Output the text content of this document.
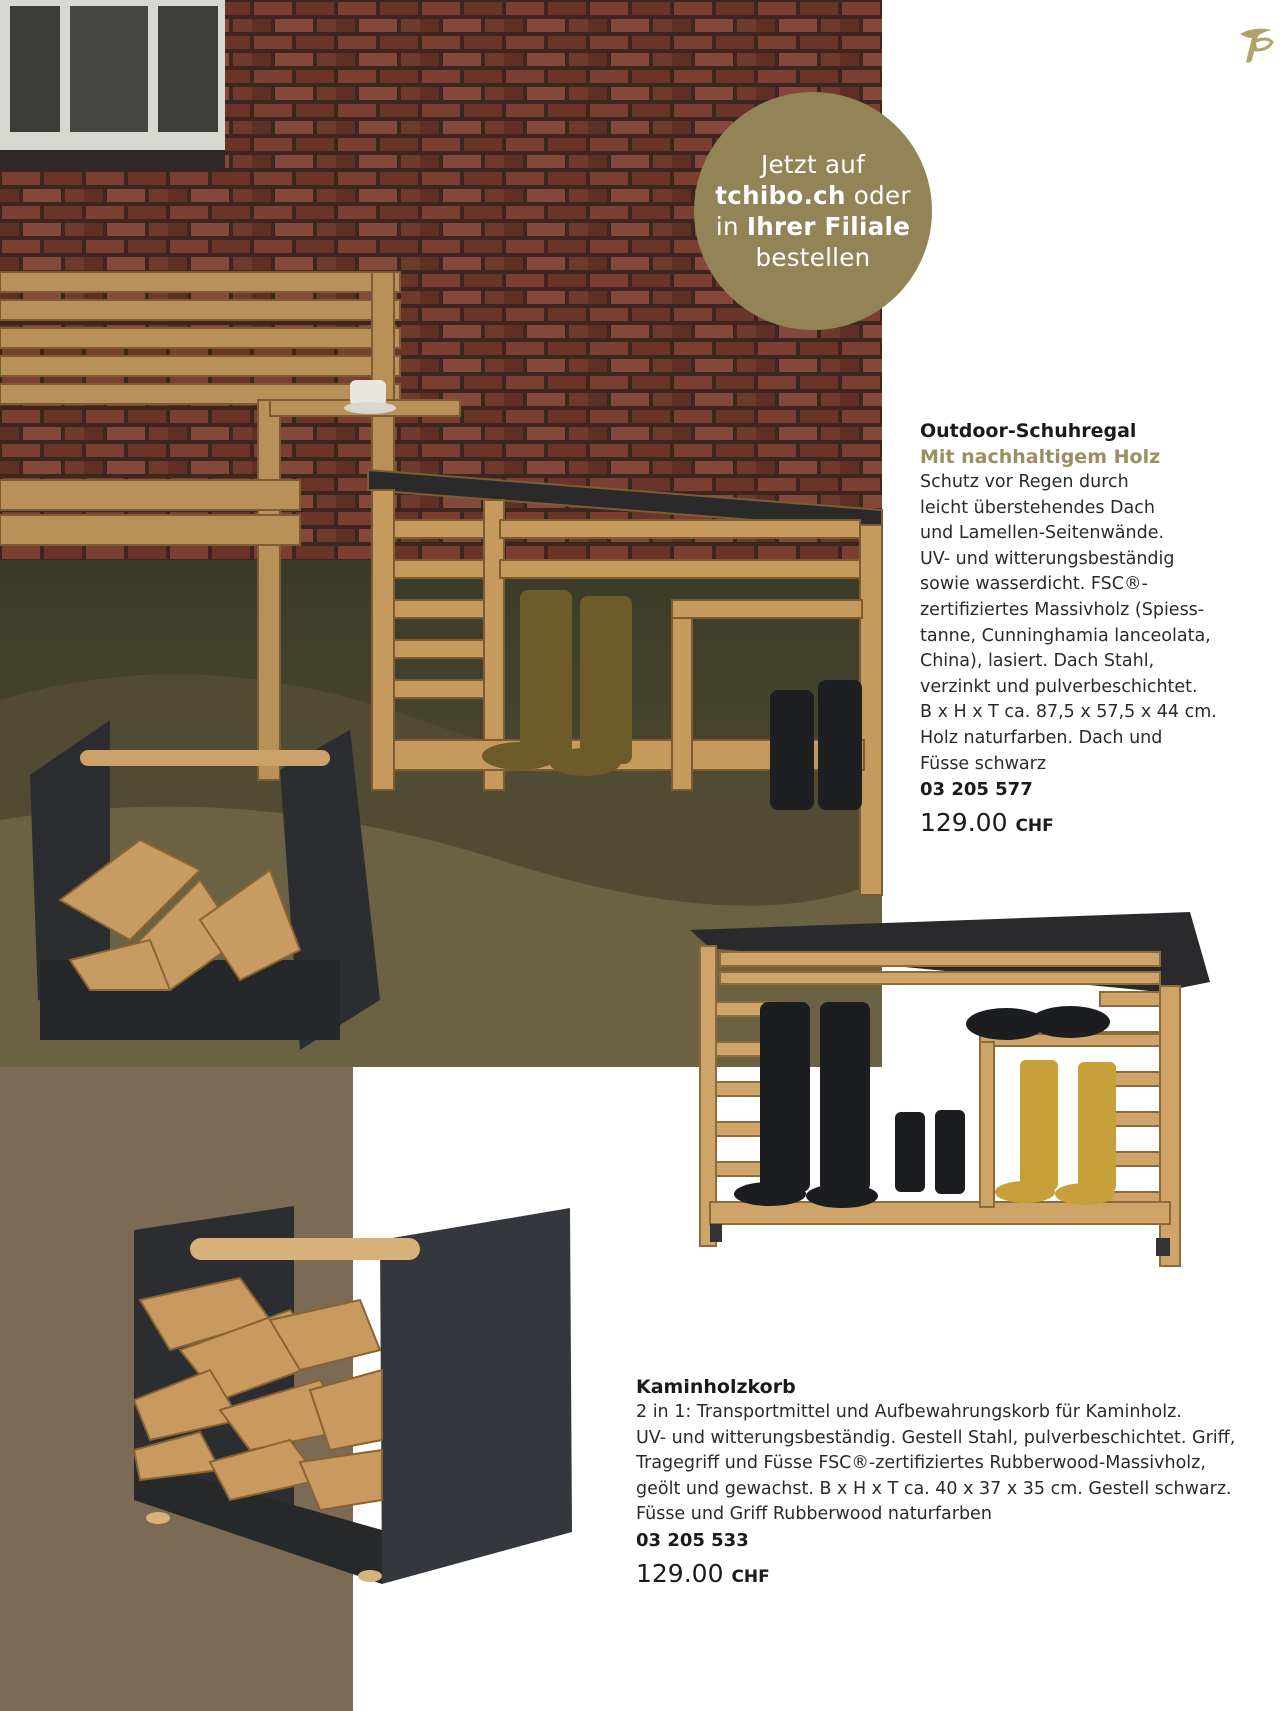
Jetzt auf
tchibo.ch oder
in Ihrer Filiale
bestellen
Outdoor-Schuhregal
Mit nachhaltigem Holz
Schutz vor Regen durch
leicht überstehendes Dach
und Lamellen-Seitenwände.
UV- und witterungsbeständig
sowie wasserdicht. FSC®-
zertifiziertes Massivholz (Spiess-
tanne, Cunninghamia lanceolata,
China), lasiert. Dach Stahl,
verzinkt und pulverbeschichtet.
B x H x T ca. 87,5 x 57,5 x 44 cm.
Holz naturfarben. Dach und
Füsse schwarz
03 205 577
129.00 CHF
Kaminholzkorb
2 in 1: Transportmittel und Aufbewahrungskorb für Kaminholz.
UV- und witterungsbeständig. Gestell Stahl, pulverbeschichtet. Griff,
Tragegriff und Füsse FSC®-zertifiziertes Rubberwood-Massivholz,
geölt und gewachst. B x H x T ca. 40 x 37 x 35 cm. Gestell schwarz.
Füsse und Griff Rubberwood naturfarben
03 205 533
129.00 CHF
